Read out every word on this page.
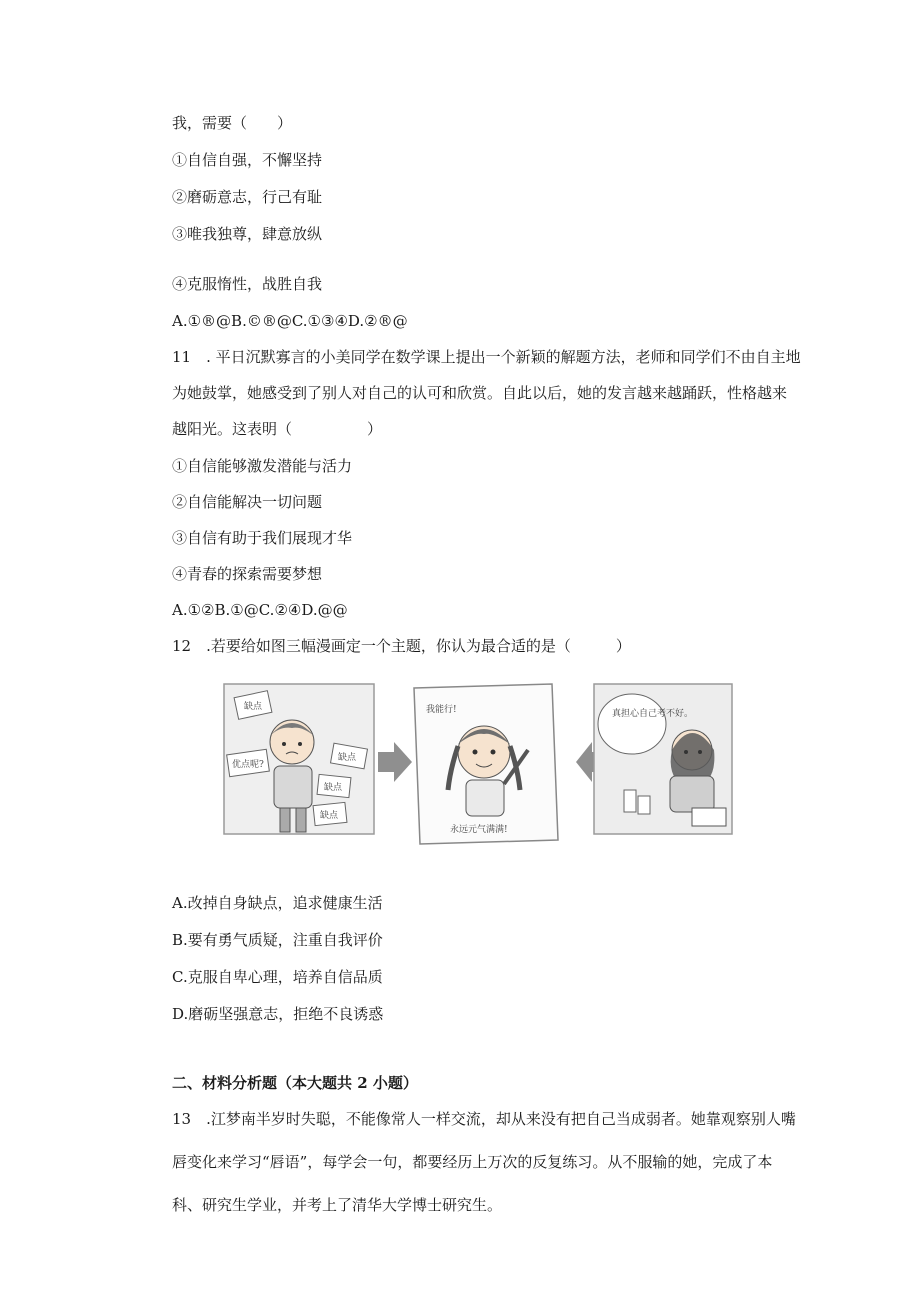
我，需要（　　）
①自信自强，不懈坚持
②磨砺意志，行己有耻
③唯我独尊，肆意放纵
④克服惰性，战胜自我
A.①®@B.©®@C.①③④D.②®@
11　. 平日沉默寡言的小美同学在数学课上提出一个新颖的解题方法，老师和同学们不由自主地
为她鼓掌，她感受到了别人对自己的认可和欣赏。自此以后，她的发言越来越踊跃，性格越来
越阳光。这表明（　　　　　）
①自信能够激发潜能与活力
②自信能解决一切问题
③自信有助于我们展现才华
④青春的探索需要梦想
A.①②B.①@C.②④D.@@
12　.若要给如图三幅漫画定一个主题，你认为最合适的是（　　　）
缺点
优点呢?
缺点
缺点
缺点
我能行!
永远元气满满!
真担心自己考不好。
A.改掉自身缺点，追求健康生活
B.要有勇气质疑，注重自我评价
C.克服自卑心理，培养自信品质
D.磨砺坚强意志，拒绝不良诱惑
二、材料分析题（本大题共 2 小题）
13　.江梦南半岁时失聪，不能像常人一样交流，却从来没有把自己当成弱者。她靠观察别人嘴
唇变化来学习“唇语”，每学会一句，都要经历上万次的反复练习。从不服输的她，完成了本
科、研究生学业，并考上了清华大学博士研究生。
